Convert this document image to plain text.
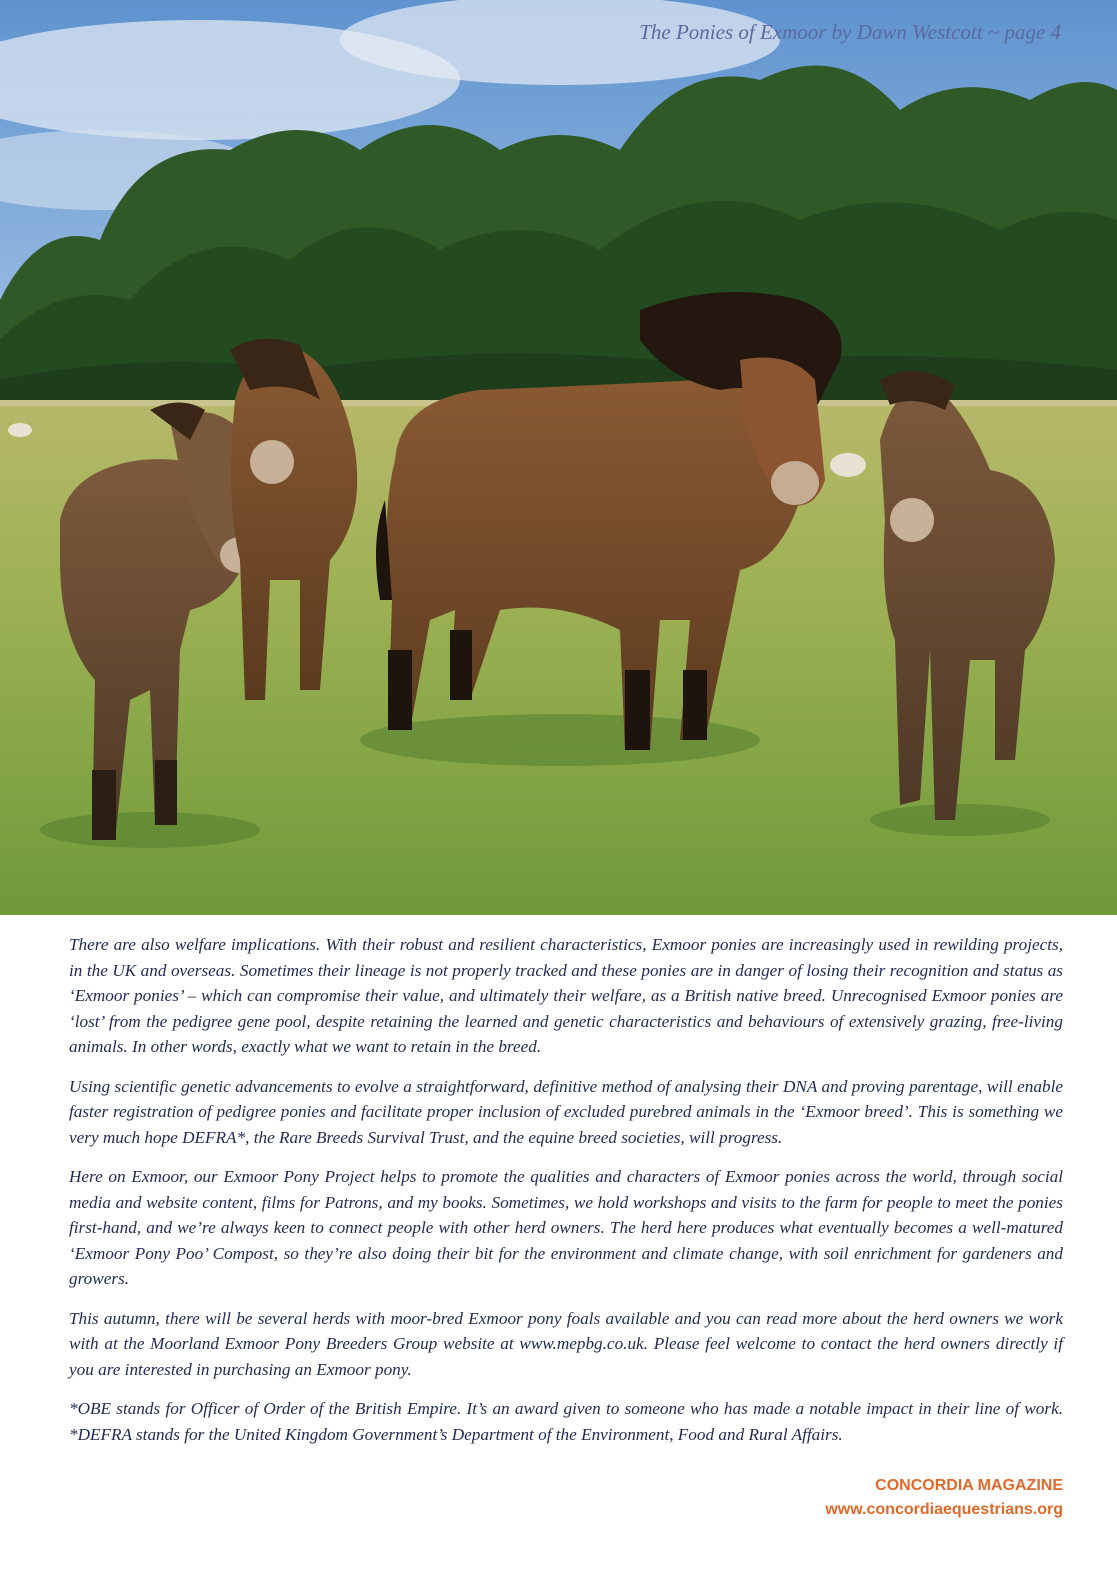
The Ponies of Exmoor by Dawn Westcott ~ page 4

There are also welfare implications. With their robust and resilient characteristics, Exmoor ponies are increasingly used in rewilding projects, in the UK and overseas. Sometimes their lineage is not properly tracked and these ponies are in danger of losing their recognition and status as ‘Exmoor ponies’ – which can compromise their value, and ultimately their welfare, as a British native breed. Unrecognised Exmoor ponies are ‘lost’ from the pedigree gene pool, despite retaining the learned and genetic characteristics and behaviours of extensively grazing, free-living animals. In other words, exactly what we want to retain in the breed.

Using scientific genetic advancements to evolve a straightforward, definitive method of analysing their DNA and proving parentage, will enable faster registration of pedigree ponies and facilitate proper inclusion of excluded purebred animals in the ‘Exmoor breed’. This is something we very much hope DEFRA*, the Rare Breeds Survival Trust, and the equine breed societies, will progress.

Here on Exmoor, our Exmoor Pony Project helps to promote the qualities and characters of Exmoor ponies across the world, through social media and website content, films for Patrons, and my books. Sometimes, we hold workshops and visits to the farm for people to meet the ponies first-hand, and we’re always keen to connect people with other herd owners. The herd here produces what eventually becomes a well-matured ‘Exmoor Pony Poo’ Compost, so they’re also doing their bit for the environment and climate change, with soil enrichment for gardeners and growers.

This autumn, there will be several herds with moor-bred Exmoor pony foals available and you can read more about the herd owners we work with at the Moorland Exmoor Pony Breeders Group website at www.mepbg.co.uk. Please feel welcome to contact the herd owners directly if you are interested in purchasing an Exmoor pony.

*OBE stands for Officer of Order of the British Empire. It’s an award given to someone who has made a notable impact in their line of work. *DEFRA stands for the United Kingdom Government’s Department of the Environment, Food and Rural Affairs.

CONCORDIA MAGAZINE
www.concordiaequestrians.org
